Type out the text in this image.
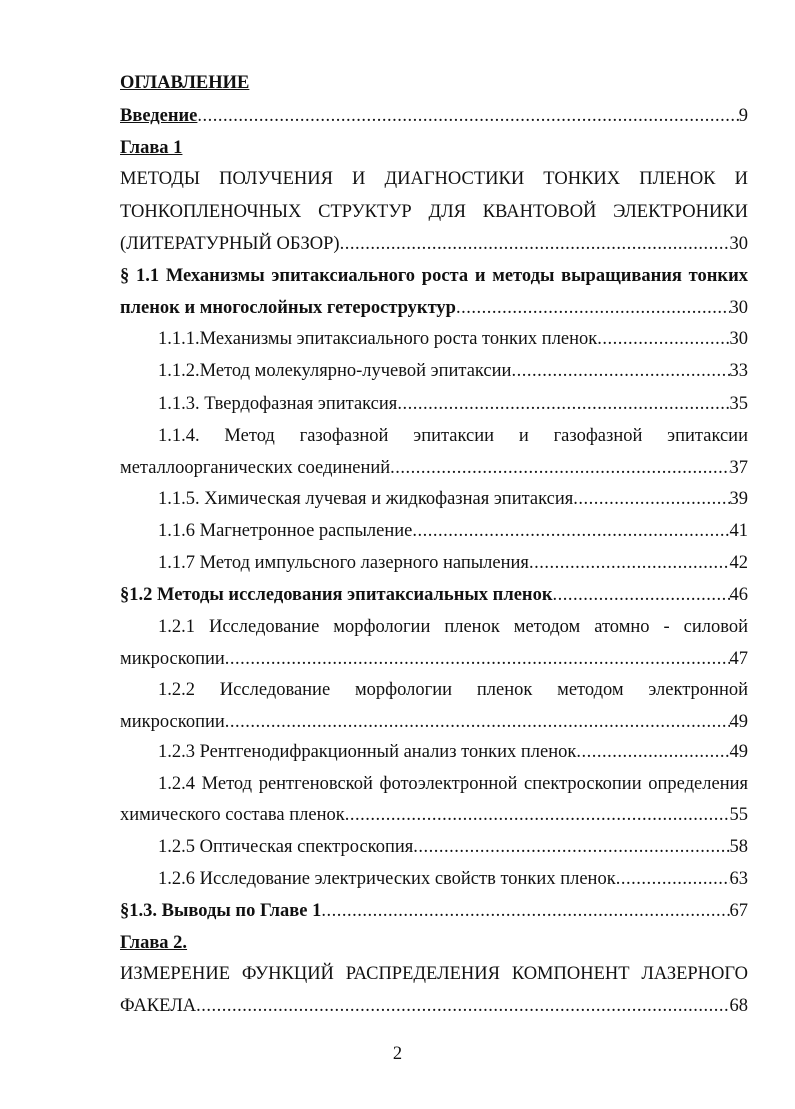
ОГЛАВЛЕНИЕ
Введение .....	9
Глава 1
МЕТОДЫ ПОЛУЧЕНИЯ И ДИАГНОСТИКИ ТОНКИХ ПЛЕНОК И
ТОНКОПЛЕНОЧНЫХ СТРУКТУР ДЛЯ КВАНТОВОЙ ЭЛЕКТРОНИКИ
(ЛИТЕРАТУРНЫЙ ОБЗОР) .....	30
§ 1.1 Механизмы эпитаксиального роста и методы выращивания тонких
пленок и многослойных гетероструктур .....	30
1.1.1.Механизмы эпитаксиального роста тонких пленок .....	30
1.1.2.Метод молекулярно-лучевой эпитаксии .....	33
1.1.3. Твердофазная эпитаксия .....	35
1.1.4. Метод газофазной эпитаксии и газофазной эпитаксии
металлоорганических соединений .....	37
1.1.5. Химическая лучевая и жидкофазная эпитаксия .....	39
1.1.6 Магнетронное распыление .....	41
1.1.7 Метод импульсного лазерного напыления .....	42
§1.2 Методы исследования эпитаксиальных пленок .....	46
1.2.1 Исследование морфологии пленок методом атомно - силовой
микроскопии .....	47
1.2.2 Исследование морфологии пленок методом электронной
микроскопии .....	49
1.2.3 Рентгенодифракционный анализ тонких пленок .....	49
1.2.4 Метод рентгеновской фотоэлектронной спектроскопии определения
химического состава пленок .....	55
1.2.5 Оптическая спектроскопия .....	58
1.2.6 Исследование электрических свойств тонких пленок .....	63
§1.3. Выводы по Главе 1 .....	67
Глава 2.
ИЗМЕРЕНИЕ ФУНКЦИЙ РАСПРЕДЕЛЕНИЯ КОМПОНЕНТ ЛАЗЕРНОГО
ФАКЕЛА .....	68
2
